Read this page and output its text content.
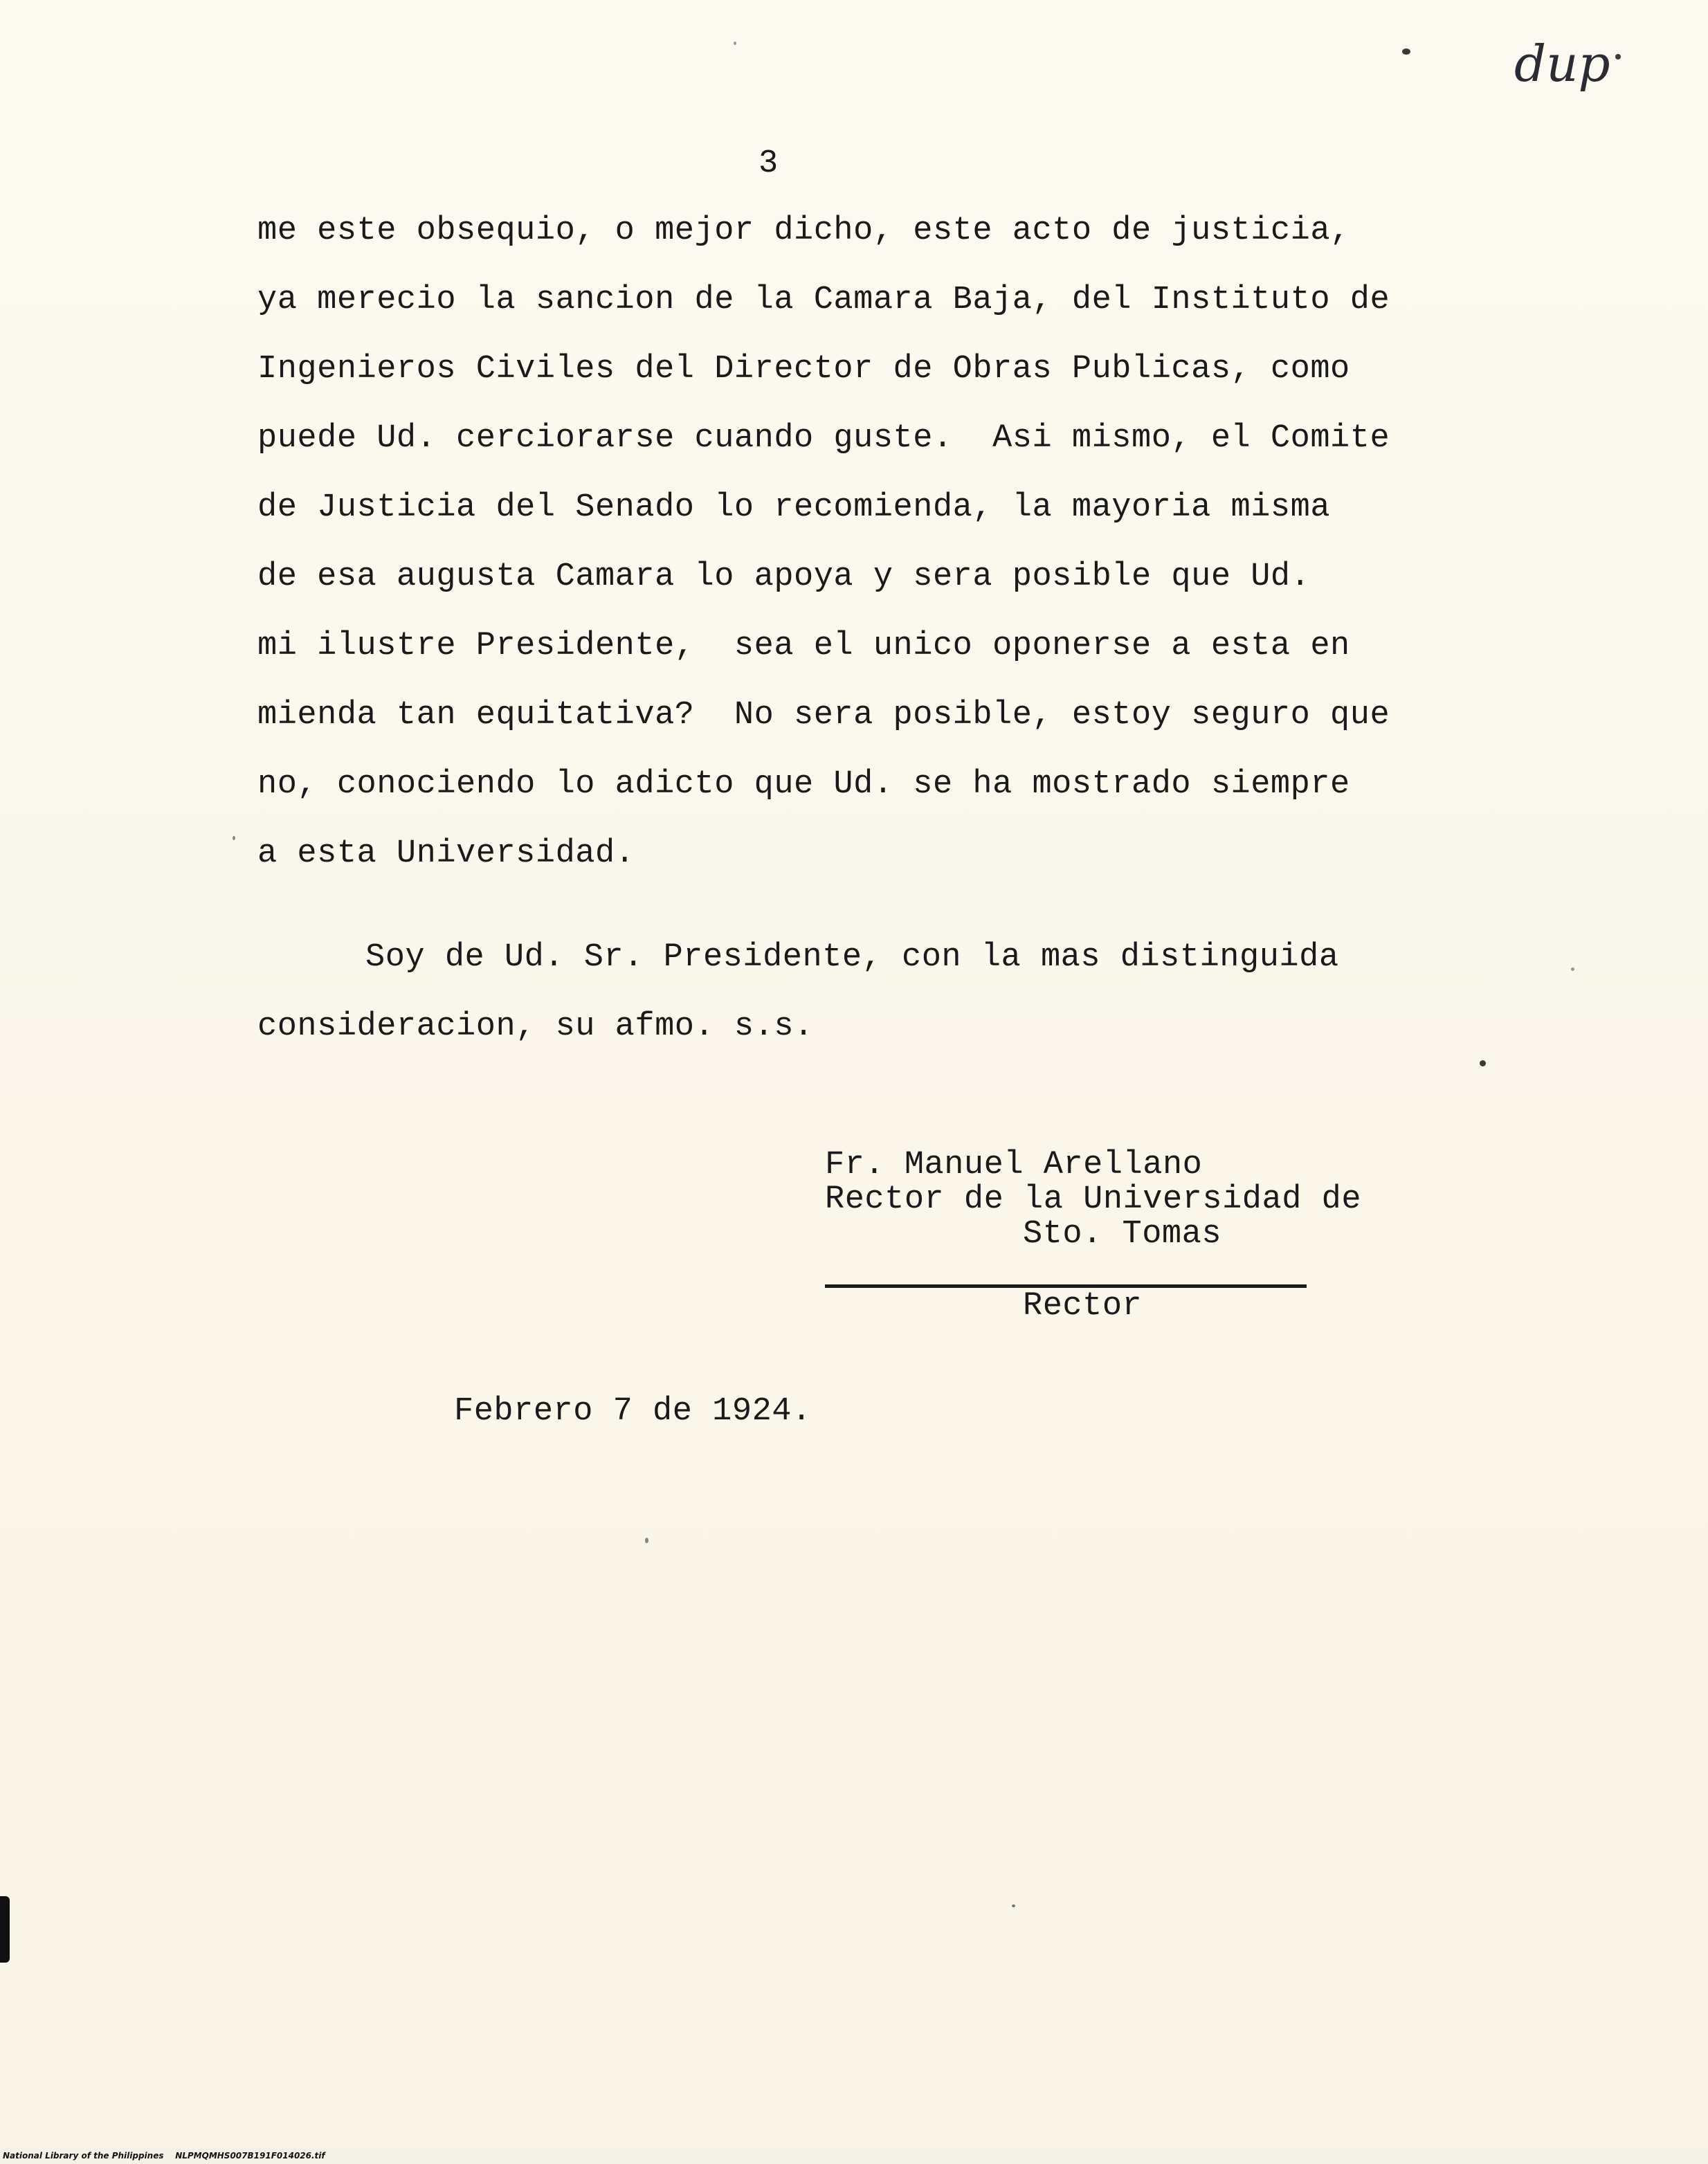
dup
3
me este obsequio, o mejor dicho, este acto de justicia,
ya merecio la sancion de la Camara Baja, del Instituto de
Ingenieros Civiles del Director de Obras Publicas, como
puede Ud. cerciorarse cuando guste.  Asi mismo, el Comite
de Justicia del Senado lo recomienda, la mayoria misma
de esa augusta Camara lo apoya y sera posible que Ud.
mi ilustre Presidente,  sea el unico oponerse a esta en
mienda tan equitativa?  No sera posible, estoy seguro que
no, conociendo lo adicto que Ud. se ha mostrado siempre
a esta Universidad.
Soy de Ud. Sr. Presidente, con la mas distinguida
consideracion, su afmo. s.s.
Fr. Manuel Arellano
Rector de la Universidad de
Sto. Tomas
Rector
Febrero 7 de 1924.
National Library of the Philippines    NLPMQMHS007B191F014026.tif
